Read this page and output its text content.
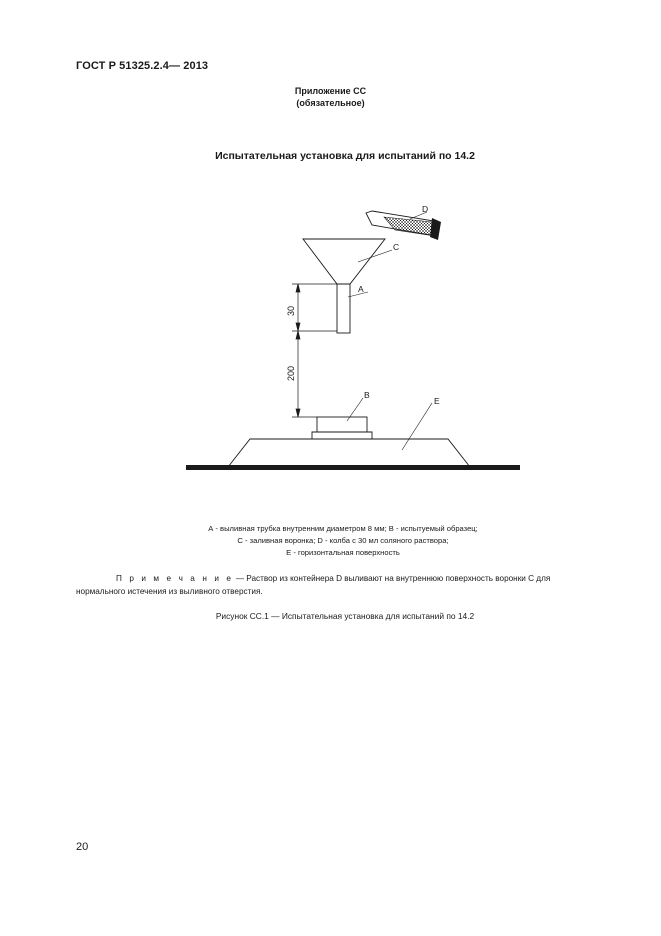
ГОСТ Р 51325.2.4— 2013
Приложение СС
(обязательное)
Испытательная установка для испытаний по 14.2
D
C
A
30
200
B
E
А - выливная трубка внутренним диаметром 8 мм; В - испытуемый образец;
С - заливная воронка; D - колба с 30 мл соляного раствора;
Е - горизонтальная поверхность
П р и м е ч а н и е — Раствор из контейнера D выливают на внутреннюю поверхность воронки С для нормального истечения из выливного отверстия.
Рисунок СС.1 — Испытательная установка для испытаний по 14.2
20
